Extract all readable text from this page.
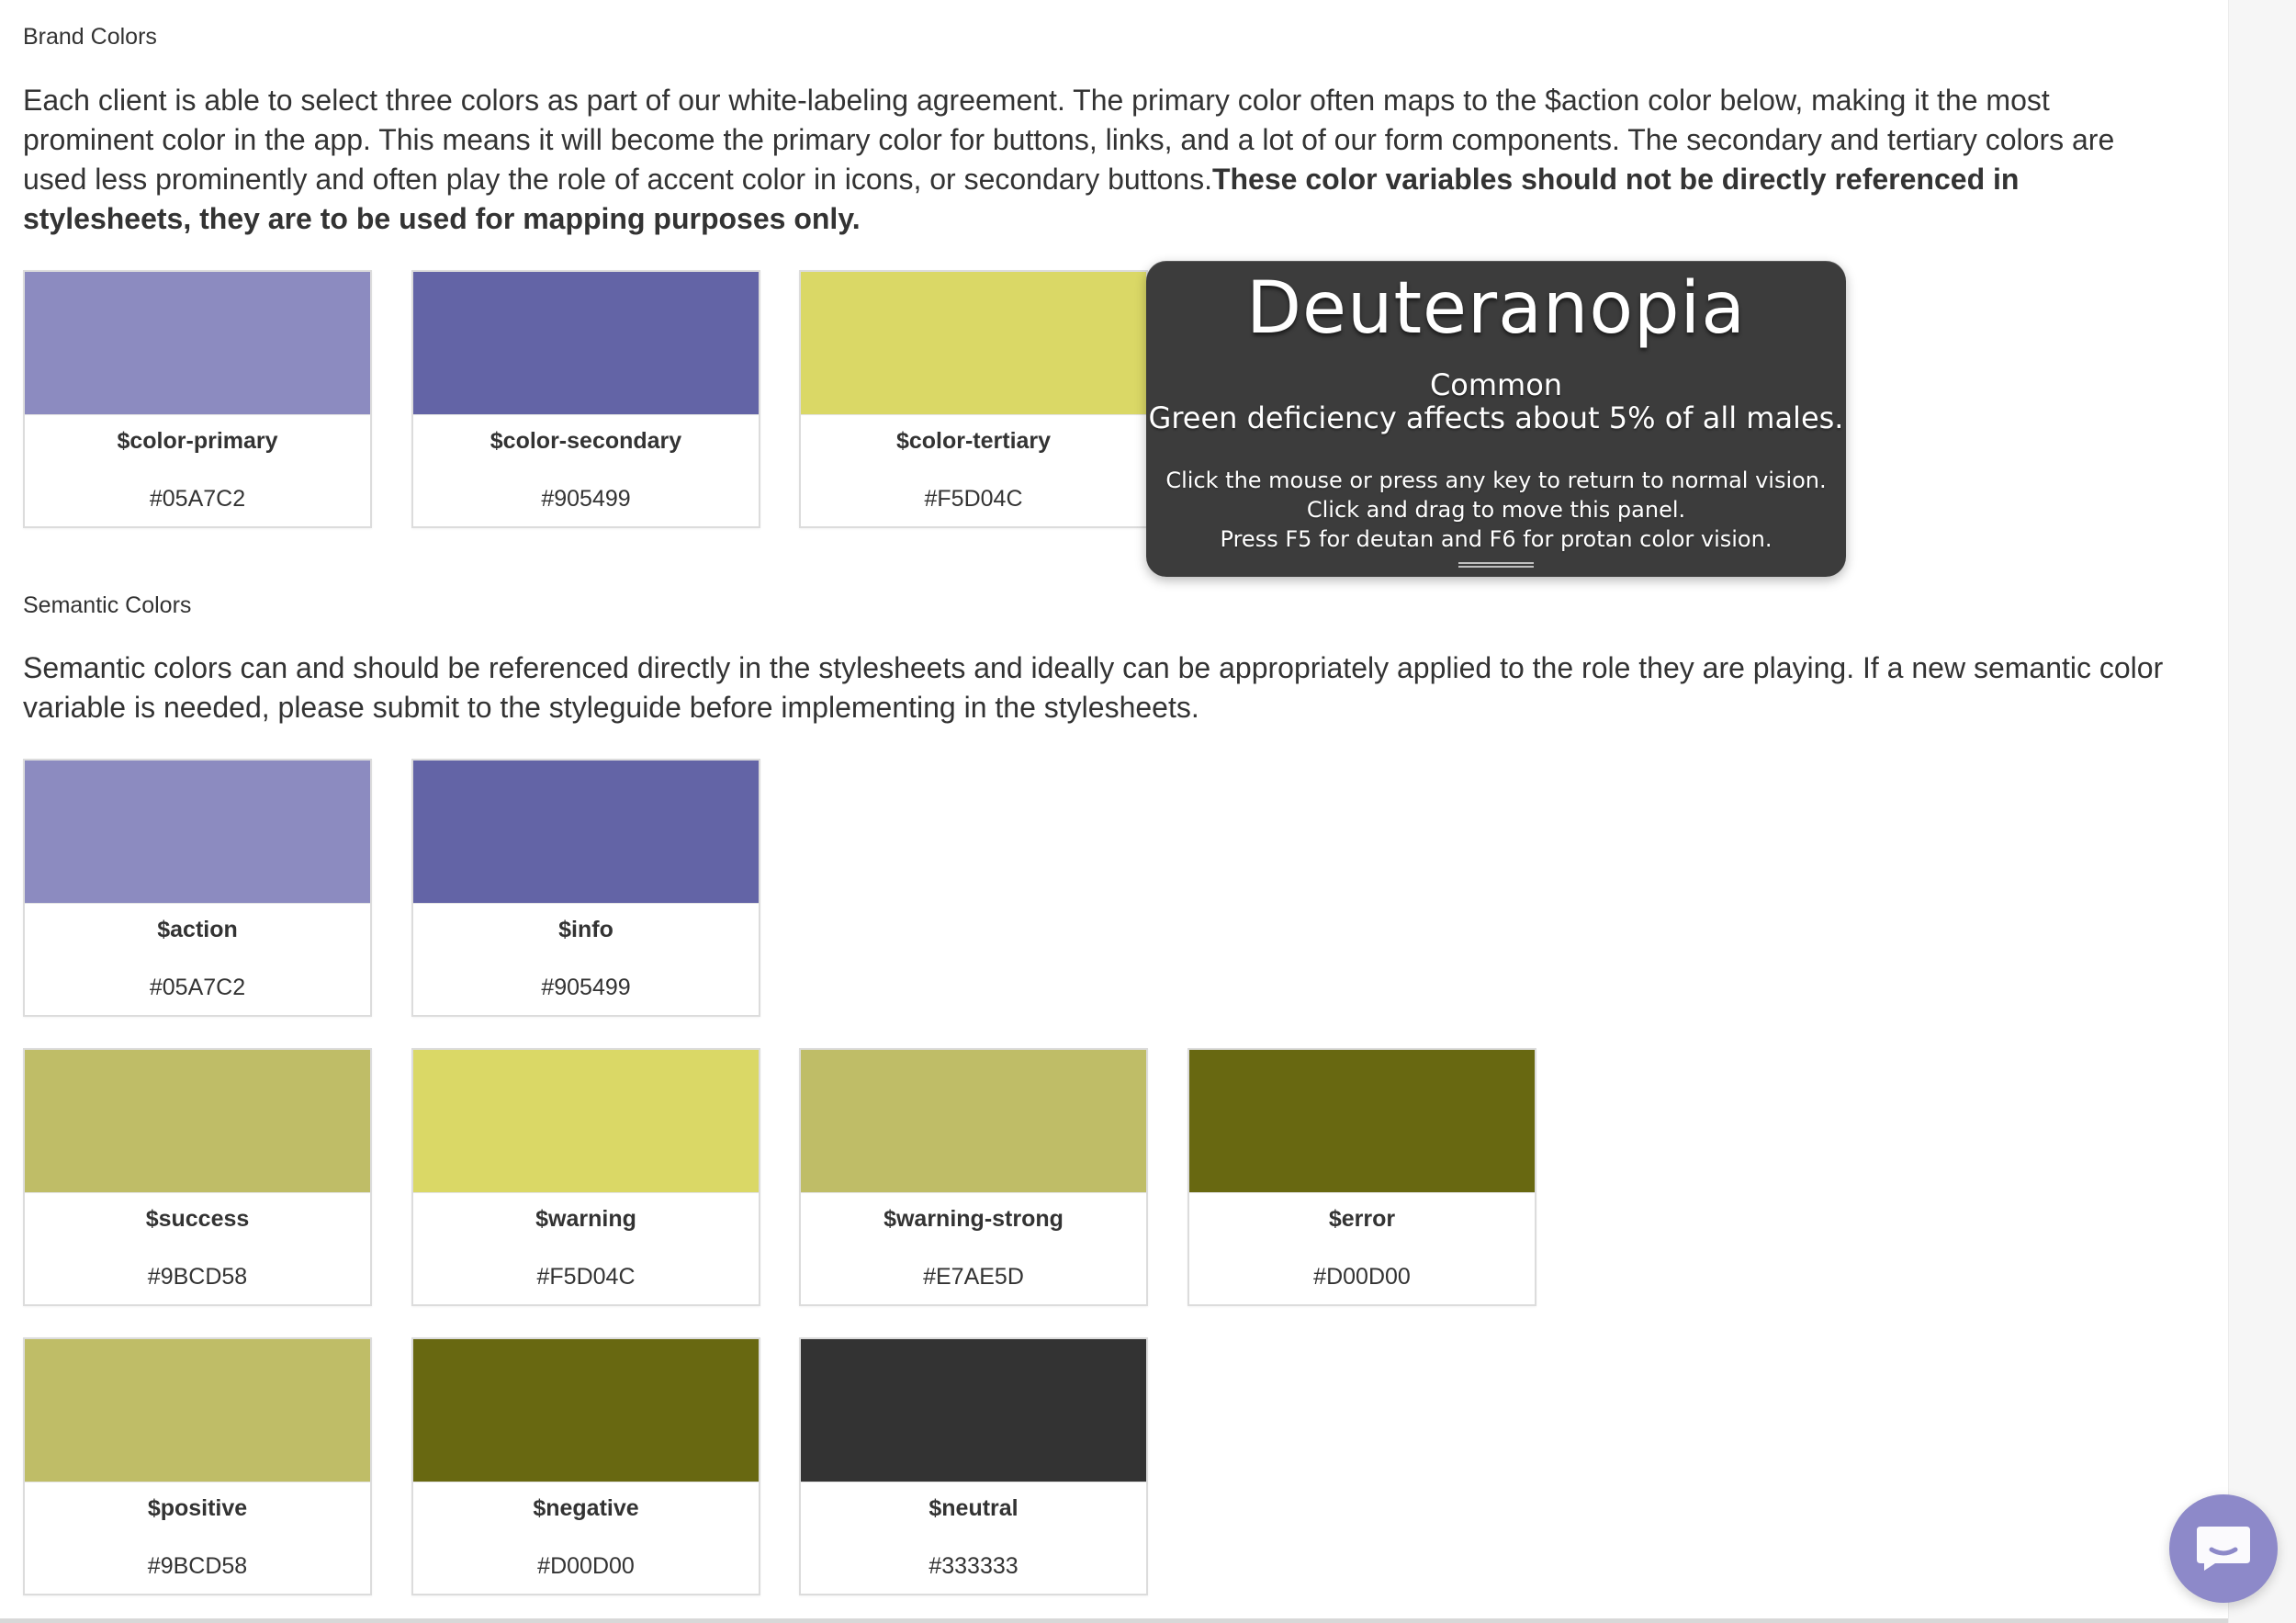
Brand Colors

Each client is able to select three colors as part of our white-labeling agreement. The primary color often maps to the $action color below, making it the most prominent color in the app. This means it will become the primary color for buttons, links, and a lot of our form components. The secondary and tertiary colors are used less prominently and often play the role of accent color in icons, or secondary buttons.These color variables should not be directly referenced in stylesheets, they are to be used for mapping purposes only.

$color-primary
#05A7C2
$color-secondary
#905499
$color-tertiary
#F5D04C
Semantic Colors

Semantic colors can and should be referenced directly in the stylesheets and ideally can be appropriately applied to the role they are playing. If a new semantic color variable is needed, please submit to the styleguide before implementing in the stylesheets.

$action
#05A7C2
$info
#905499
$success
#9BCD58
$warning
#F5D04C
$warning-strong
#E7AE5D
$error
#D00D00
$positive
#9BCD58
$negative
#D00D00
$neutral
#333333
Deuteranopia
Common
Green deficiency affects about 5% of all males.
Click the mouse or press any key to return to normal vision.
Click and drag to move this panel.
Press F5 for deutan and F6 for protan color vision.
